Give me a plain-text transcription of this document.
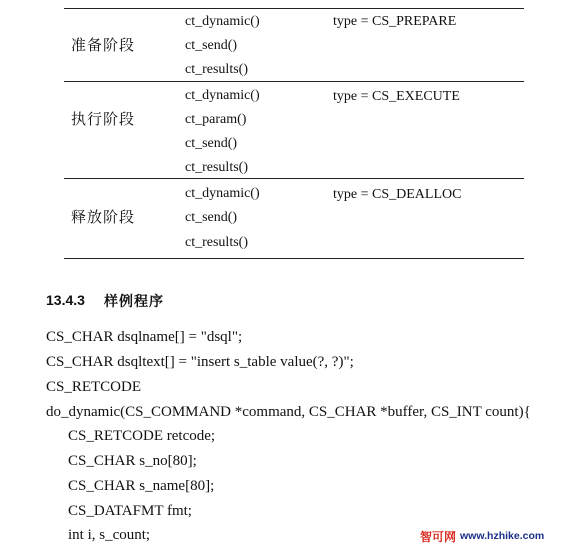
准备阶段
ct_dynamic()
ct_send()
ct_results()
type = CS_PREPARE
执行阶段
ct_dynamic()
ct_param()
ct_send()
ct_results()
type = CS_EXECUTE
释放阶段
ct_dynamic()
ct_send()
ct_results()
type = CS_DEALLOC
13.4.3 样例程序
CS_CHAR dsqlname[] = "dsql";
CS_CHAR dsqltext[] = "insert s_table value(?, ?)";
CS_RETCODE
do_dynamic(CS_COMMAND *command, CS_CHAR *buffer, CS_INT count){
CS_RETCODE retcode;
CS_CHAR s_no[80];
CS_CHAR s_name[80];
CS_DATAFMT fmt;
int i, s_count;	智可网 www.hzhike.com
